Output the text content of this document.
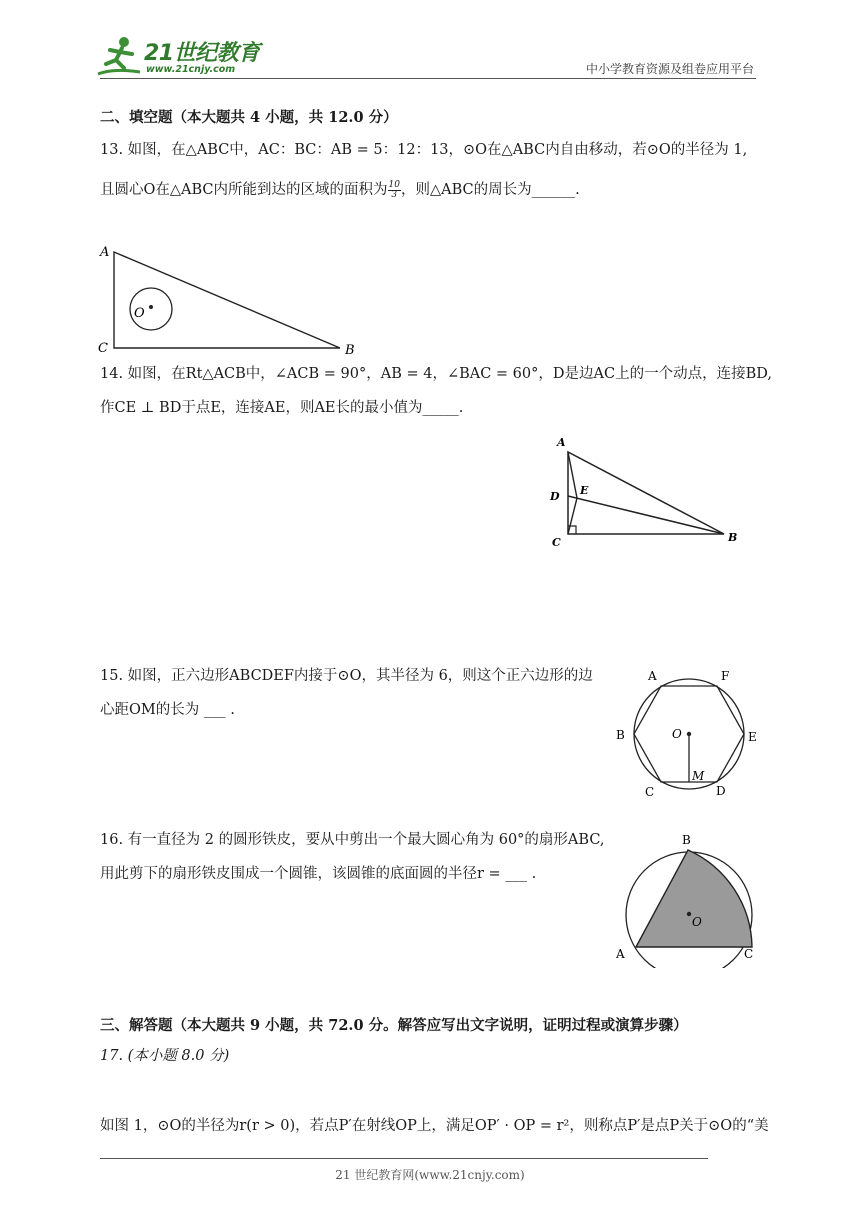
21世纪教育
www.21cnjy.com	中小学教育资源及组卷应用平台
二、填空题（本大题共 4 小题，共 12.0 分）
13. 如图，在△ABC中，AC：BC：AB = 5：12：13，⊙O在△ABC内自由移动，若⊙O的半径为 1,
且圆心O在△ABC内所能到达的区域的面积为 $\frac{10}{3}$ ，则△ABC的周长为______.
A
B
C
O
14. 如图，在Rt△ACB中，∠ACB = 90°，AB = 4，∠BAC = 60°，D是边AC上的一个动点，连接BD,
作CE ⊥ BD于点E，连接AE，则AE长的最小值为_____.
A
B
C
D E
15. 如图，正六边形ABCDEF内接于⊙O，其半径为 6，则这个正六边形的边
心距OM的长为 ___ .
A	F
B	E
C	D
O
M
16. 有一直径为 2 的圆形铁皮，要从中剪出一个最大圆心角为 60°的扇形ABC,
用此剪下的扇形铁皮围成一个圆锥，该圆锥的底面圆的半径r = ___ .
B
A	C
O
三、解答题（本大题共 9 小题，共 72.0 分。解答应写出文字说明，证明过程或演算步骤）
17. (本小题 8.0 分)
如图 1，⊙O的半径为r(r > 0)，若点P′在射线OP上，满足OP′ · OP = r²，则称点P′是点P关于⊙O的“美
21 世纪教育网(www.21cnjy.com)
